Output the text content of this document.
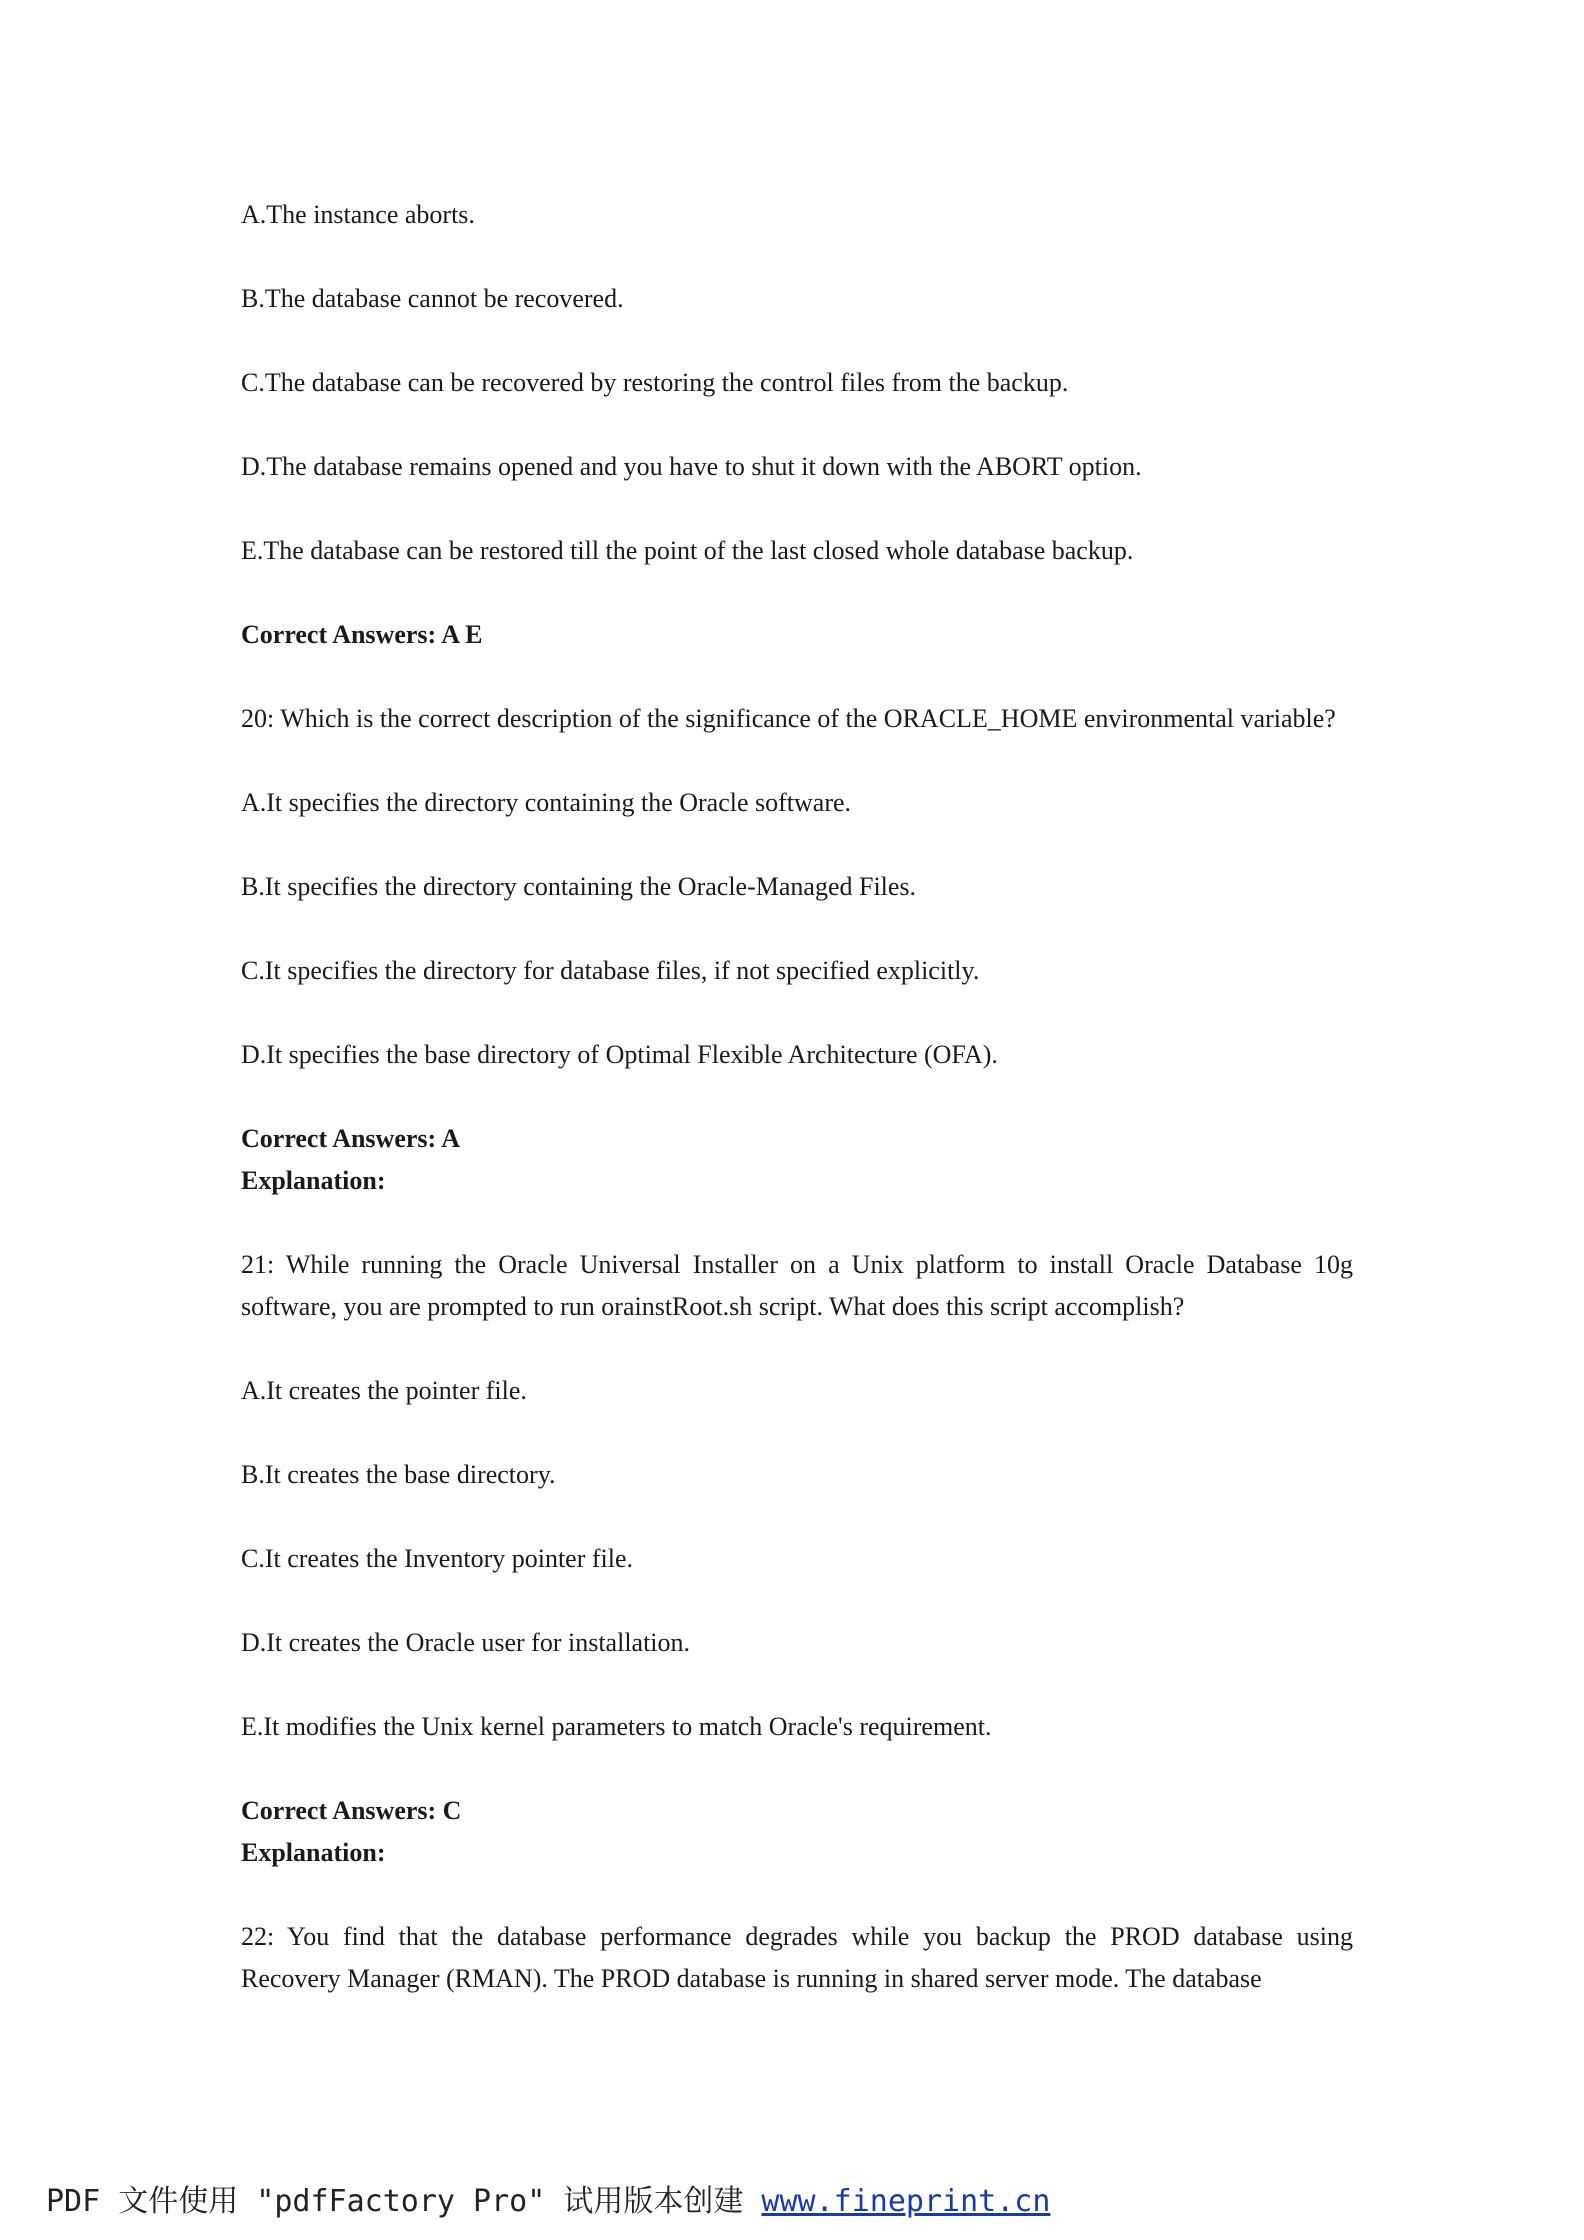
A.The instance aborts.

B.The database cannot be recovered.

C.The database can be recovered by restoring the control files from the backup.

D.The database remains opened and you have to shut it down with the ABORT option.

E.The database can be restored till the point of the last closed whole database backup.

Correct Answers: A E

20: Which is the correct description of the significance of the ORACLE_HOME environmental variable?

A.It specifies the directory containing the Oracle software.

B.It specifies the directory containing the Oracle-Managed Files.

C.It specifies the directory for database files, if not specified explicitly.

D.It specifies the base directory of Optimal Flexible Architecture (OFA).

Correct Answers: A

Explanation:

21: While running the Oracle Universal Installer on a Unix platform to install Oracle Database 10g software, you are prompted to run orainstRoot.sh script. What does this script accomplish?

A.It creates the pointer file.

B.It creates the base directory.

C.It creates the Inventory pointer file.

D.It creates the Oracle user for installation.

E.It modifies the Unix kernel parameters to match Oracle's requirement.

Correct Answers: C

Explanation:

22: You find that the database performance degrades while you backup the PROD database using Recovery Manager (RMAN). The PROD database is running in shared server mode. The database

PDF 文件使用 "pdfFactory Pro" 试用版本创建 www.fineprint.cn
